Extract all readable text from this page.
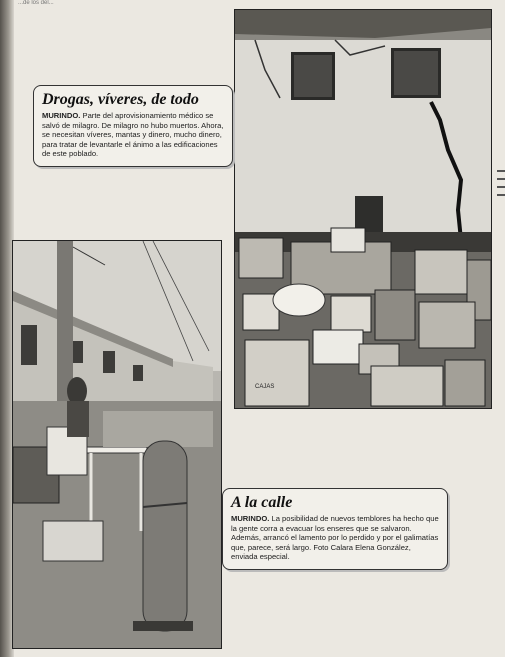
...de los del...
CAJAS
Drogas, víveres, de todo
MURINDO. Parte del aprovisionamiento médico se salvó de milagro. De milagro no hubo muertos. Ahora, se necesitan víveres, mantas y dinero, mucho dinero, para tratar de levantarle el ánimo a las edificaciones de este poblado.
A la calle
MURINDO. La posibilidad de nuevos temblores ha hecho que la gente corra a evacuar los enseres que se salvaron. Además, arrancó el lamento por lo perdido y por el galimatías que, parece, será largo. Foto Calara Elena González, enviada especial.
